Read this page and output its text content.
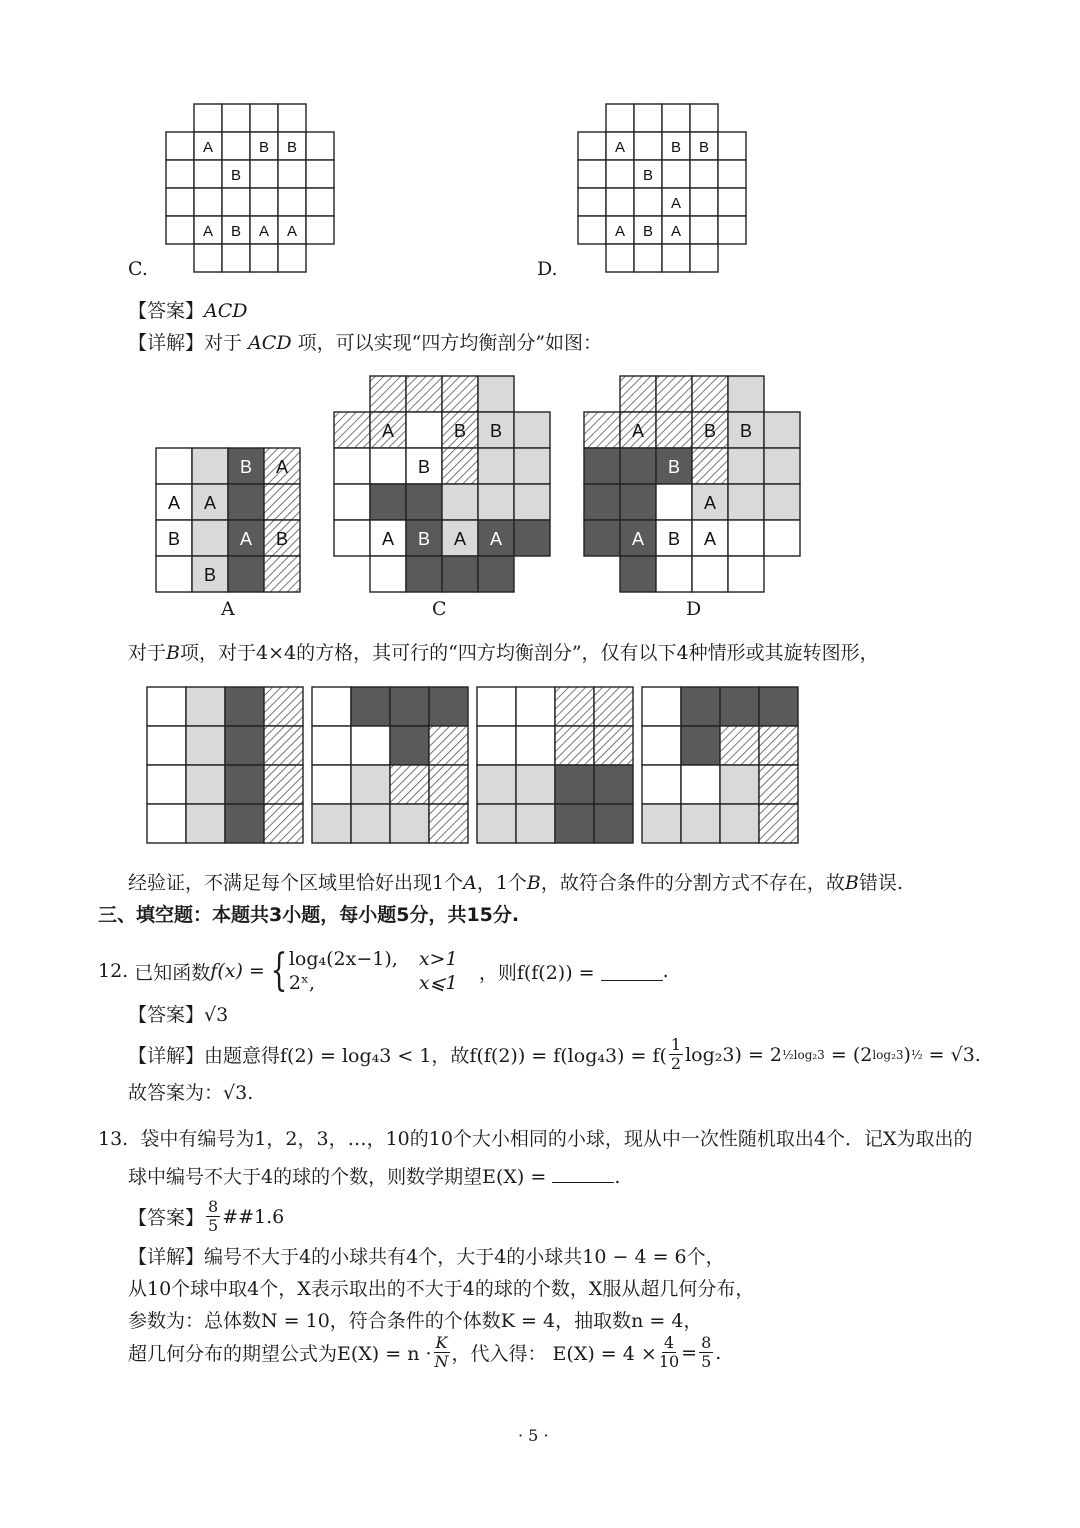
C.
A	B B
B
A B A A
D.
A	B B
B
A
A B A
【答案】ACD
【详解】对于 ACD 项，可以实现“四方均衡剖分”如图：
B A
A A
B	A B
B
A
A	B B
B
A B A A
C
A	B B
B
A
A B A
D
对于B项，对于4×4的方格，其可行的“四方均衡剖分”，仅有以下4种情形或其旋转图形，
经验证，不满足每个区域里恰好出现1个A，1个B，故符合条件的分割方式不存在，故B错误.
三、填空题：本题共3小题，每小题5分，共15分.
12.
已知函数 f(x) = { log₄(2x−1),	x>1
2ˣ,	x⩽1	，则f(f(2)) =
	.
【答案】√3
【详解】 由题意得f(2) = log₄3 < 1，故$f(f(2)) = f(\log_43) = f( \frac{1}{2} \log_23) = 2$ ½log₂3
= (2 log₂3 ) ½
= √3.
故答案为：√3.
13. 袋中有编号为1，2，3，…，10的10个大小相同的小球，现从中一次性随机取出4个．记X为取出的
球中编号不大于4的球的个数，则数学期望E(X) =	.
【答案】 $\frac{8}{5}$ ##1.6
【详解】编号不大于4的小球共有4个，大于4的小球共10 − 4 = 6个，
从10个球中取4个，X表示取出的不大于4的球的个数，X服从超几何分布，
参数为：总体数N = 10，符合条件的个体数K = 4，抽取数n = 4，
超几何分布的期望公式为$E(X) = n \cdot \frac{K}{N}$ ，代入得： $E(X) = 4 \times \frac{4}{10} = \frac{8}{5}$ .
· 5 ·
